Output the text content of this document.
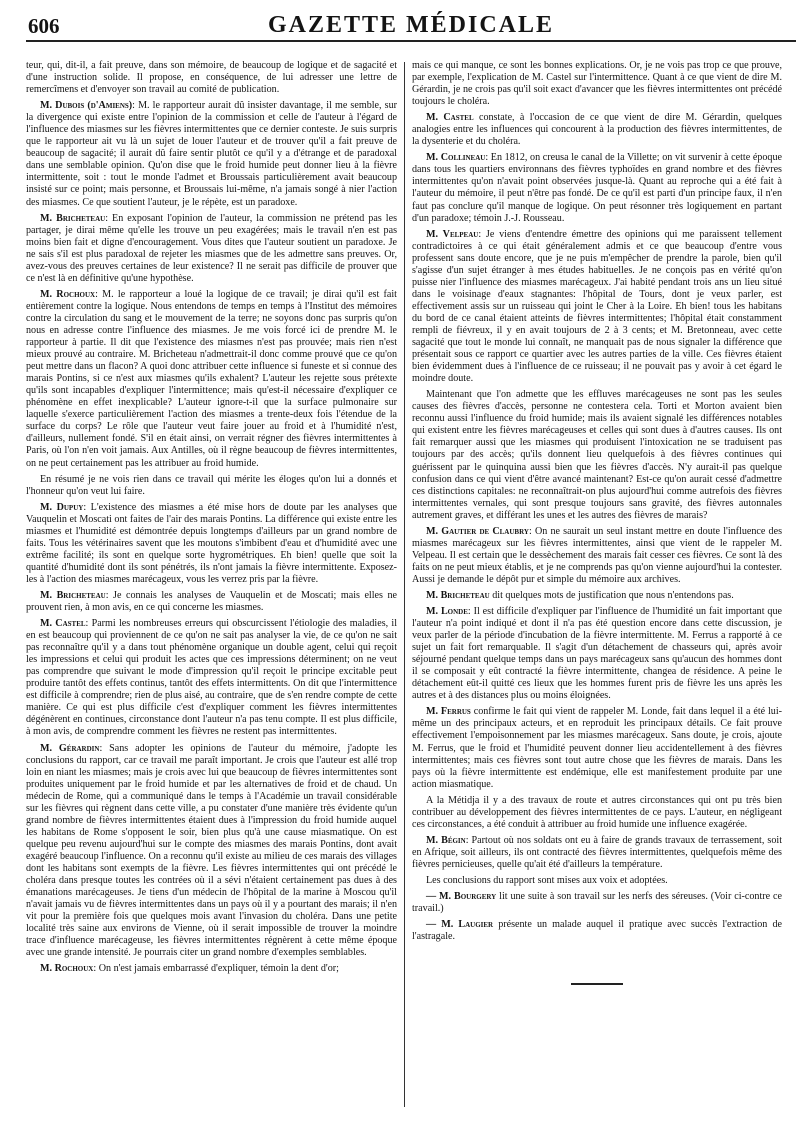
606	GAZETTE MÉDICALE

teur, qui, dit-il, a fait preuve, dans son mémoire, de beaucoup de logique et de sagacité et d'une instruction solide. Il propose, en conséquence, de lui adresser une lettre de remercîmens et d'envoyer son travail au comité de publication.

M. Dubois (d'Amiens): M. le rapporteur aurait dû insister davantage, il me semble, sur la divergence qui existe entre l'opinion de la commission et celle de l'auteur à l'égard de l'influence des miasmes sur les fièvres intermittentes que ce dernier conteste. Je suis surpris que le rapporteur ait vu là un sujet de louer l'auteur et de trouver qu'il a fait preuve de beaucoup de sagacité; il aurait dû faire sentir plutôt ce qu'il y a d'étrange et de paradoxal dans une semblable opinion. Qu'on dise que le froid humide peut donner lieu à la fièvre intermittente, soit : tout le monde l'admet et Broussais particulièrement avait beaucoup insisté sur ce point; mais personne, et Broussais lui-même, n'a jamais songé à nier l'action des miasmes. Ce que soutient l'auteur, je le répète, est un paradoxe.

M. Bricheteau: En exposant l'opinion de l'auteur, la commission ne prétend pas les partager, je dirai même qu'elle les trouve un peu exagérées; mais le travail n'en est pas moins bien fait et digne d'encouragement. Vous dites que l'auteur soutient un paradoxe. Je ne sais s'il est plus paradoxal de rejeter les miasmes que de les admettre sans preuves. Or, avez-vous des preuves certaines de leur existence? Il ne serait pas difficile de prouver que ce n'est là en définitive qu'une hypothèse.

M. Rochoux: M. le rapporteur a loué la logique de ce travail; je dirai qu'il est fait entièrement contre la logique. Nous entendons de temps en temps à l'Institut des mémoires contre la circulation du sang et le mouvement de la terre; ne soyons donc pas surpris qu'on nous en adresse contre l'influence des miasmes. Je me vois forcé ici de prendre M. le rapporteur à partie. Il dit que l'existence des miasmes n'est pas prouvée; mais rien n'est mieux prouvé au contraire. M. Bricheteau n'admettrait-il donc comme prouvé que ce qu'on peut mettre dans un flacon? A quoi donc attribuer cette influence si funeste et si connue des marais Pontins, si ce n'est aux miasmes qu'ils exhalent? L'auteur les rejette sous prétexte qu'ils sont incapables d'expliquer l'intermittence; mais qu'est-il nécessaire d'expliquer ce phénomène en effet inexplicable? L'auteur ignore-t-il que la surface pulmonaire sur laquelle s'exerce particulièrement l'action des miasmes a trente-deux fois l'étendue de la surface du corps? Le rôle que l'auteur veut faire jouer au froid et à l'humidité n'est, d'ailleurs, nullement fondé. S'il en était ainsi, on verrait régner des fièvres intermittentes à Paris, où l'on n'en voit jamais. Aux Antilles, où il règne beaucoup de fièvres intermittentes, on ne peut certainement pas les attribuer au froid humide.

En résumé je ne vois rien dans ce travail qui mérite les éloges qu'on lui a donnés et l'honneur qu'on veut lui faire.

M. Dupuy: L'existence des miasmes a été mise hors de doute par les analyses que Vauquelin et Moscati ont faites de l'air des marais Pontins. La différence qui existe entre les miasmes et l'humidité est démontrée depuis longtemps d'ailleurs par un grand nombre de faits. Tous les vétérinaires savent que les moutons s'imbibent d'eau et d'humidité avec une extrême facilité; ils sont en quelque sorte hygrométriques. Eh bien! quelle que soit la quantité d'humidité dont ils sont pénétrés, ils n'ont jamais la fièvre intermittente. Exposez-les à l'action des miasmes marécageux, vous les verrez pris par la fièvre.

M. Bricheteau: Je connais les analyses de Vauquelin et de Moscati; mais elles ne prouvent rien, à mon avis, en ce qui concerne les miasmes.

M. Castel: Parmi les nombreuses erreurs qui obscurcissent l'étiologie des maladies, il en est beaucoup qui proviennent de ce qu'on ne sait pas analyser la vie, de ce qu'on ne sait pas reconnaître qu'il y a dans tout phénomène organique un double agent, celui qui reçoit les impressions et celui qui produit les actes que ces impressions déterminent; on ne veut pas comprendre que suivant le mode d'impression qu'il reçoit le principe excitable peut produire tantôt des effets continus, tantôt des effets intermittents. On dit que l'intermittence est difficile à comprendre; rien de plus aisé, au contraire, que de s'en rendre compte de cette manière. Ce qui est plus difficile c'est d'expliquer comment les fièvres intermittentes dégénèrent en continues, circonstance dont l'auteur n'a pas tenu compte. Il est plus difficile, à mon avis, de comprendre comment les fièvres ne restent pas intermittentes.

M. Gérardin: Sans adopter les opinions de l'auteur du mémoire, j'adopte les conclusions du rapport, car ce travail me paraît important. Je crois que l'auteur est allé trop loin en niant les miasmes; mais je crois avec lui que beaucoup de fièvres intermittentes sont produites uniquement par le froid humide et par les alternatives de froid et de chaud. Un médecin de Rome, qui a communiqué dans le temps à l'Académie un travail considérable sur les fièvres qui règnent dans cette ville, a pu constater d'une manière très évidente qu'un grand nombre de fièvres intermittentes étaient dues à l'impression du froid humide auquel les habitans de Rome s'opposent le soir, bien plus qu'à une cause miasmatique. On est quelque peu revenu aujourd'hui sur le compte des miasmes des marais Pontins, dont avait exagéré beaucoup l'influence. On a reconnu qu'il existe au milieu de ces marais des villages dont les habitans sont exempts de la fièvre. Les fièvres intermittentes qui ont précédé le choléra dans presque toutes les contrées où il a sévi n'étaient certainement pas dues à des émanations marécageuses. Je tiens d'un médecin de l'hôpital de la marine à Moscou qu'il n'avait jamais vu de fièvres intermittentes dans un pays où il y a pourtant des marais; il n'en vit pour la première fois que quelques mois avant l'invasion du choléra. Dans une petite localité très saine aux environs de Vienne, où il serait impossible de trouver la moindre trace d'influence marécageuse, les fièvres intermittentes régnèrent à cette même époque avec une grande intensité. Je pourrais citer un grand nombre d'exemples semblables.

M. Rochoux: On n'est jamais embarrassé d'expliquer, témoin la dent d'or;

mais ce qui manque, ce sont les bonnes explications. Or, je ne vois pas trop ce que prouve, par exemple, l'explication de M. Castel sur l'intermittence. Quant à ce que vient de dire M. Gérardin, je ne crois pas qu'il soit exact d'avancer que les fièvres intermittentes ont précédé toujours le choléra.

M. Castel constate, à l'occasion de ce que vient de dire M. Gérardin, quelques analogies entre les influences qui concourent à la production des fièvres intermittentes, de la dysenterie et du choléra.

M. Collineau: En 1812, on creusa le canal de la Villette; on vit survenir à cette époque dans tous les quartiers environnans des fièvres typhoïdes en grand nombre et des fièvres intermittentes qu'on n'avait point observées jusque-là. Quant au reproche qui a été fait à l'auteur du mémoire, il peut n'être pas fondé. De ce qu'il est parti d'un principe faux, il n'en faut pas conclure qu'il manque de logique. On peut résonner très logiquement en partant d'un paradoxe; témoin J.-J. Rousseau.

M. Velpeau: Je viens d'entendre émettre des opinions qui me paraissent tellement contradictoires à ce qui était généralement admis et ce que beaucoup d'entre vous professent sans doute encore, que je ne puis m'empêcher de prendre la parole, bien qu'il s'agisse d'un sujet étranger à mes études habituelles. Je ne conçois pas en vérité qu'on puisse nier l'influence des miasmes marécageux. J'ai habité pendant trois ans un lieu situé dans le voisinage d'eaux stagnantes: l'hôpital de Tours, dont je veux parler, est effectivement assis sur un ruisseau qui joint le Cher à la Loire. Eh bien! tous les habitans du bord de ce canal étaient atteints de fièvres intermittentes; l'hôpital était constamment rempli de fiévreux, il y en avait toujours de 2 à 3 cents; et M. Bretonneau, avec cette sagacité que tout le monde lui connaît, ne manquait pas de nous signaler la différence que présentait sous ce rapport ce quartier avec les autres parties de la ville. Ces fièvres étaient bien évidemment dues à l'influence de ce ruisseau; il ne pouvait pas y avoir à cet égard le moindre doute.

Maintenant que l'on admette que les effluves marécageuses ne sont pas les seules causes des fièvres d'accès, personne ne contestera cela. Torti et Morton avaient bien reconnu aussi l'influence du froid humide; mais ils avaient signalé les différences notables qui existent entre les fièvres marécageuses et celles qui sont dues à d'autres causes. Ils ont fait remarquer aussi que les miasmes qui produisent l'intoxication ne se traduisent pas toujours par des accès; qu'ils donnent lieu quelquefois à des fièvres continues qui guérissent par le quinquina aussi bien que les fièvres d'accès. N'y aurait-il pas quelque confusion dans ce qui vient d'être avancé maintenant? Est-ce qu'on aurait cessé d'admettre ces distinctions capitales: ne reconnaîtrait-on plus aujourd'hui comme autrefois des fièvres intermittentes vernales, qui sont presque toujours sans gravité, des fièvres autonnales autrement graves, et différant les unes et les autres des fièvres de marais?

M. Gautier de Claubry: On ne saurait un seul instant mettre en doute l'influence des miasmes marécageux sur les fièvres intermittentes, ainsi que vient de le rappeler M. Velpeau. Il est certain que le dessèchement des marais fait cesser ces fièvres. Ce sont là des faits on ne peut mieux établis, et je ne comprends pas qu'on vienne aujourd'hui la contester. Aussi je demande le dépôt pur et simple du mémoire aux archives.

M. Bricheteau dit quelques mots de justification que nous n'entendons pas.

M. Londe: Il est difficile d'expliquer par l'influence de l'humidité un fait important que l'auteur n'a point indiqué et dont il n'a pas été question encore dans cette discussion, je veux parler de la période d'incubation de la fièvre intermittente. M. Ferrus a rapporté à ce sujet un fait fort remarquable. Il s'agit d'un détachement de chasseurs qui, après avoir séjourné pendant quelque temps dans un pays marécageux sans qu'aucun des hommes dont il se composait y eût contracté la fièvre intermittente, changea de résidence. A peine le détachement eût-il quitté ces lieux que les hommes furent pris de fièvre les uns après les autres et à des distances plus ou moins éloignées.

M. Ferrus confirme le fait qui vient de rappeler M. Londe, fait dans lequel il a été lui-même un des principaux acteurs, et en reproduit les principaux détails. Ce fait prouve effectivement l'empoisonnement par les miasmes marécageux. Sans doute, je crois, ajoute M. Ferrus, que le froid et l'humidité peuvent donner lieu accidentellement à des fièvres intermittentes; mais ces fièvres sont tout autre chose que les fièvres de marais. Dans les pays où la fièvre intermittente est endémique, elle est manifestement produite par une action miasmatique.

A la Métidja il y a des travaux de route et autres circonstances qui ont pu très bien contribuer au développement des fièvres intermittentes de ce pays. L'auteur, en négligeant ces circonstances, a été conduit à attribuer au froid humide une influence exagérée.

M. Bégin: Partout où nos soldats ont eu à faire de grands travaux de terrassement, soit en Afrique, soit ailleurs, ils ont contracté des fièvres intermittentes, quelquefois même des fièvres pernicieuses, quelle qu'ait été d'ailleurs la température.

Les conclusions du rapport sont mises aux voix et adoptées.

— M. Bourgery lit une suite à son travail sur les nerfs des séreuses. (Voir ci-contre ce travail.)

— M. Laugier présente un malade auquel il pratique avec succès l'extraction de l'astragale.
